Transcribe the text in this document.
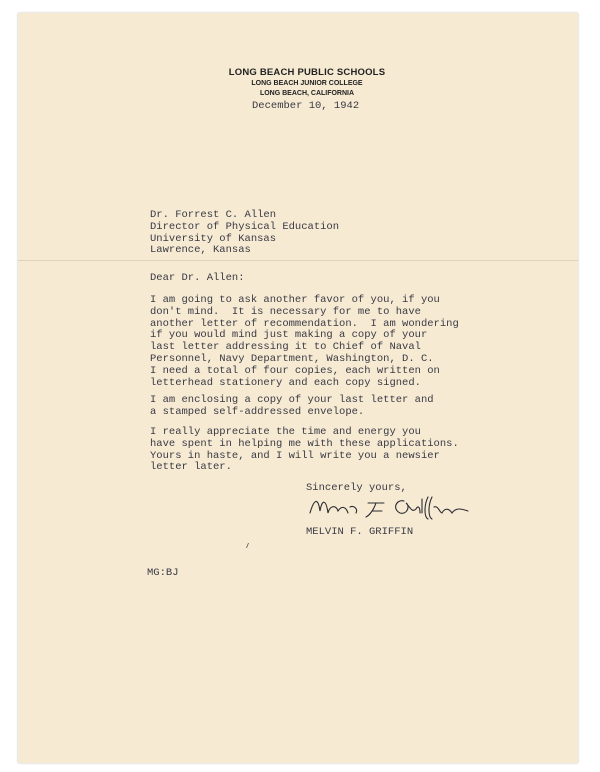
LONG BEACH PUBLIC SCHOOLS
LONG BEACH JUNIOR COLLEGE
LONG BEACH, CALIFORNIA
December 10, 1942
Dr. Forrest C. Allen
Director of Physical Education
University of Kansas
Lawrence, Kansas
Dear Dr. Allen:
I am going to ask another favor of you, if you
don't mind.  It is necessary for me to have
another letter of recommendation.  I am wondering
if you would mind just making a copy of your
last letter addressing it to Chief of Naval
Personnel, Navy Department, Washington, D. C.
I need a total of four copies, each written on
letterhead stationery and each copy signed.
I am enclosing a copy of your last letter and
a stamped self-addressed envelope.
I really appreciate the time and energy you
have spent in helping me with these applications.
Yours in haste, and I will write you a newsier
letter later.
Sincerely yours,
MELVIN F. GRIFFIN
MG:BJ
